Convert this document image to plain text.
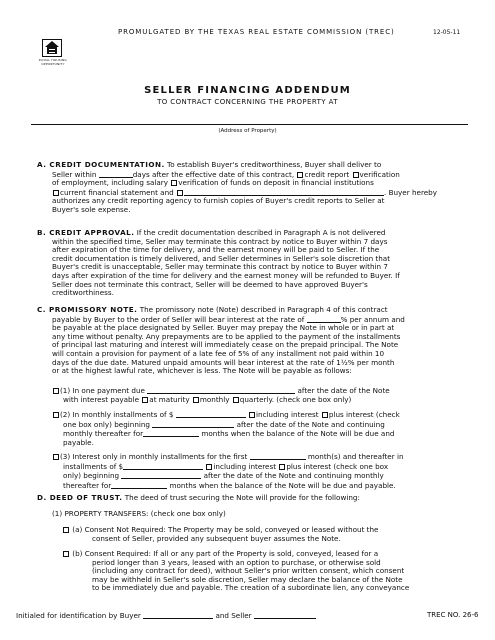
PROMULGATED BY THE TEXAS REAL ESTATE COMMISSION (TREC)	12-05-11
EQUAL HOUSING OPPORTUNITY
SELLER FINANCING ADDENDUM
TO CONTRACT CONCERNING THE PROPERTY AT
(Address of Property)
A. CREDIT DOCUMENTATION. To establish Buyer's creditworthiness, Buyer shall deliver to
Seller within	days after the effective date of this contract, credit report verification
of employment, including salary verification of funds on deposit in financial institutions
current financial statement and	. Buyer hereby
authorizes any credit reporting agency to furnish copies of Buyer's credit reports to Seller at
Buyer's sole expense.
B. CREDIT APPROVAL. If the credit documentation described in Paragraph A is not delivered
within the specified time, Seller may terminate this contract by notice to Buyer within 7 days
after expiration of the time for delivery, and the earnest money will be paid to Seller. If the
credit documentation is timely delivered, and Seller determines in Seller's sole discretion that
Buyer's credit is unacceptable, Seller may terminate this contract by notice to Buyer within 7
days after expiration of the time for delivery and the earnest money will be refunded to Buyer. If
Seller does not terminate this contract, Seller will be deemed to have approved Buyer's
creditworthiness.
C. PROMISSORY NOTE. The promissory note (Note) described in Paragraph 4 of this contract
payable by Buyer to the order of Seller will bear interest at the rate of	% per annum and
be payable at the place designated by Seller. Buyer may prepay the Note in whole or in part at
any time without penalty. Any prepayments are to be applied to the payment of the installments
of principal last maturing and interest will immediately cease on the prepaid principal. The Note
will contain a provision for payment of a late fee of 5% of any installment not paid within 10
days of the due date. Matured unpaid amounts will bear interest at the rate of 1½% per month
or at the highest lawful rate, whichever is less. The Note will be payable as follows:
(1) In one payment due	after the date of the Note
with interest payable at maturity monthly quarterly. (check one box only)
(2) In monthly installments of $	including interest plus interest (check
one box only) beginning	after the date of the Note and continuing
monthly thereafter for	months when the balance of the Note will be due and
payable.
(3) Interest only in monthly installments for the first	month(s) and thereafter in
installments of $	including interest plus interest (check one box
only) beginning	after the date of the Note and continuing monthly
thereafter for	months when the balance of the Note will be due and payable.
D. DEED OF TRUST. The deed of trust securing the Note will provide for the following:
(1) PROPERTY TRANSFERS: (check one box only)
(a) Consent Not Required: The Property may be sold, conveyed or leased without the
consent of Seller, provided any subsequent buyer assumes the Note.
(b) Consent Required: If all or any part of the Property is sold, conveyed, leased for a
period longer than 3 years, leased with an option to purchase, or otherwise sold
(including any contract for deed), without Seller's prior written consent, which consent
may be withheld in Seller's sole discretion, Seller may declare the balance of the Note
to be immediately due and payable. The creation of a subordinate lien, any conveyance
Initialed for identification by Buyer	and Seller	TREC NO. 26-6
